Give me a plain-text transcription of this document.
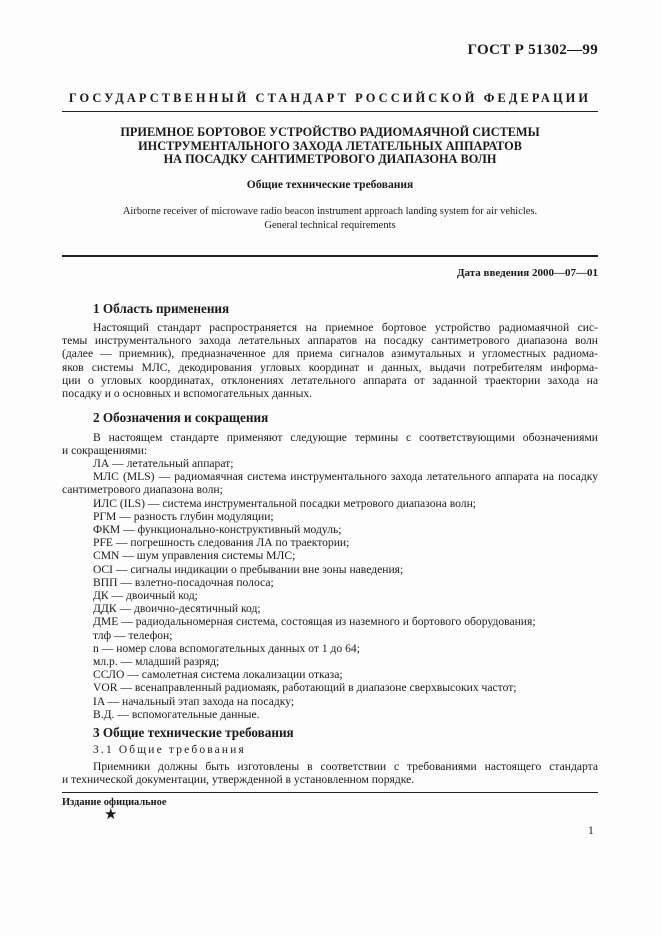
ГОСТ Р 51302—99
ГОСУДАРСТВЕННЫЙ СТАНДАРТ РОССИЙСКОЙ ФЕДЕРАЦИИ
ПРИЕМНОЕ БОРТОВОЕ УСТРОЙСТВО РАДИОМАЯЧНОЙ СИСТЕМЫ
ИНСТРУМЕНТАЛЬНОГО ЗАХОДА ЛЕТАТЕЛЬНЫХ АППАРАТОВ
НА ПОСАДКУ САНТИМЕТРОВОГО ДИАПАЗОНА ВОЛН
Общие технические требования
Airborne receiver of microwave radio beacon instrument approach landing system for air vehicles.
General technical requirements
Дата введения 2000—07—01
1 Область применения
Настоящий стандарт распространяется на приемное бортовое устройство радиомаячной сис-
темы инструментального захода летательных аппаратов на посадку сантиметрового диапазона волн
(далее — приемник), предназначенное для приема сигналов азимутальных и угломестных радиома-
яков системы МЛС, декодирования угловых координат и данных, выдачи потребителям информа-
ции о угловых координатах, отклонениях летательного аппарата от заданной траектории захода на
посадку и о основных и вспомогательных данных.
2 Обозначения и сокращения
В настоящем стандарте применяют следующие термины с соответствующими обозначениями
и сокращениями:
ЛА — летательный аппарат;
МЛС (MLS) — радиомаячная система инструментального захода летательного аппарата на посадку сантиметрового диапазона волн;
ИЛС (ILS) — система инструментальной посадки метрового диапазона волн;
РГМ — разность глубин модуляции;
ФКМ — функционально-конструктивный модуль;
PFE — погрешность следования ЛА по траектории;
CMN — шум управления системы МЛС;
OCI — сигналы индикации о пребывании вне зоны наведения;
ВПП — взлетно-посадочная полоса;
ДК — двоичный код;
ДДК — двоично-десятичный код;
ДМЕ — радиодальномерная система, состоящая из наземного и бортового оборудования;
тлф — телефон;
n — номер слова вспомогательных данных от 1 до 64;
мл.р. — младший разряд;
ССЛО — самолетная система локализации отказа;
VOR — всенаправленный радиомаяк, работающий в диапазоне сверхвысоких частот;
IA — начальный этап захода на посадку;
В.Д. — вспомогательные данные.
3 Общие технические требования
3.1 Общие требования
Приемники должны быть изготовлены в соответствии с требованиями настоящего стандарта
и технической документации, утвержденной в установленном порядке.
Издание официальное
★
1
